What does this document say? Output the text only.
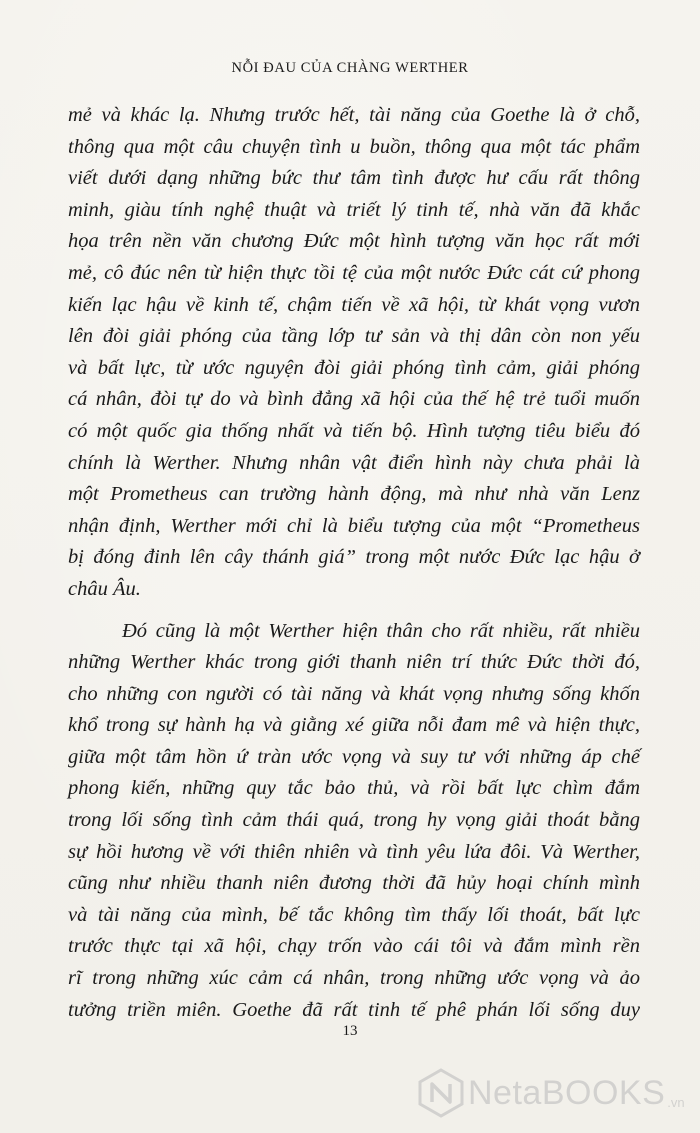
NỖI ĐAU CỦA CHÀNG WERTHER

mẻ và khác lạ. Nhưng trước hết, tài năng của Goethe là ở chỗ,
thông qua một câu chuyện tình u buồn, thông qua một tác phẩm
viết dưới dạng những bức thư tâm tình được hư cấu rất thông
minh, giàu tính nghệ thuật và triết lý tinh tế, nhà văn đã khắc
họa trên nền văn chương Đức một hình tượng văn học rất mới
mẻ, cô đúc nên từ hiện thực tồi tệ của một nước Đức cát cứ phong
kiến lạc hậu về kinh tế, chậm tiến về xã hội, từ khát vọng vươn
lên đòi giải phóng của tầng lớp tư sản và thị dân còn non yếu
và bất lực, từ ước nguyện đòi giải phóng tình cảm, giải phóng
cá nhân, đòi tự do và bình đẳng xã hội của thế hệ trẻ tuổi muốn
có một quốc gia thống nhất và tiến bộ. Hình tượng tiêu biểu đó
chính là Werther. Nhưng nhân vật điển hình này chưa phải là
một Prometheus can trường hành động, mà như nhà văn Lenz
nhận định, Werther mới chỉ là biểu tượng của một “Prometheus
bị đóng đinh lên cây thánh giá” trong một nước Đức lạc hậu ở
châu Âu.

Đó cũng là một Werther hiện thân cho rất nhiều, rất nhiều
những Werther khác trong giới thanh niên trí thức Đức thời đó,
cho những con người có tài năng và khát vọng nhưng sống khốn
khổ trong sự hành hạ và giằng xé giữa nỗi đam mê và hiện thực,
giữa một tâm hồn ứ tràn ước vọng và suy tư với những áp chế
phong kiến, những quy tắc bảo thủ, và rồi bất lực chìm đắm
trong lối sống tình cảm thái quá, trong hy vọng giải thoát bằng
sự hồi hương về với thiên nhiên và tình yêu lứa đôi. Và Werther,
cũng như nhiều thanh niên đương thời đã hủy hoại chính mình
và tài năng của mình, bế tắc không tìm thấy lối thoát, bất lực
trước thực tại xã hội, chạy trốn vào cái tôi và đắm mình rền
rĩ trong những xúc cảm cá nhân, trong những ước vọng và ảo
tưởng triền miên. Goethe đã rất tinh tế phê phán lối sống duy

13
NetaBOOKS .vn
